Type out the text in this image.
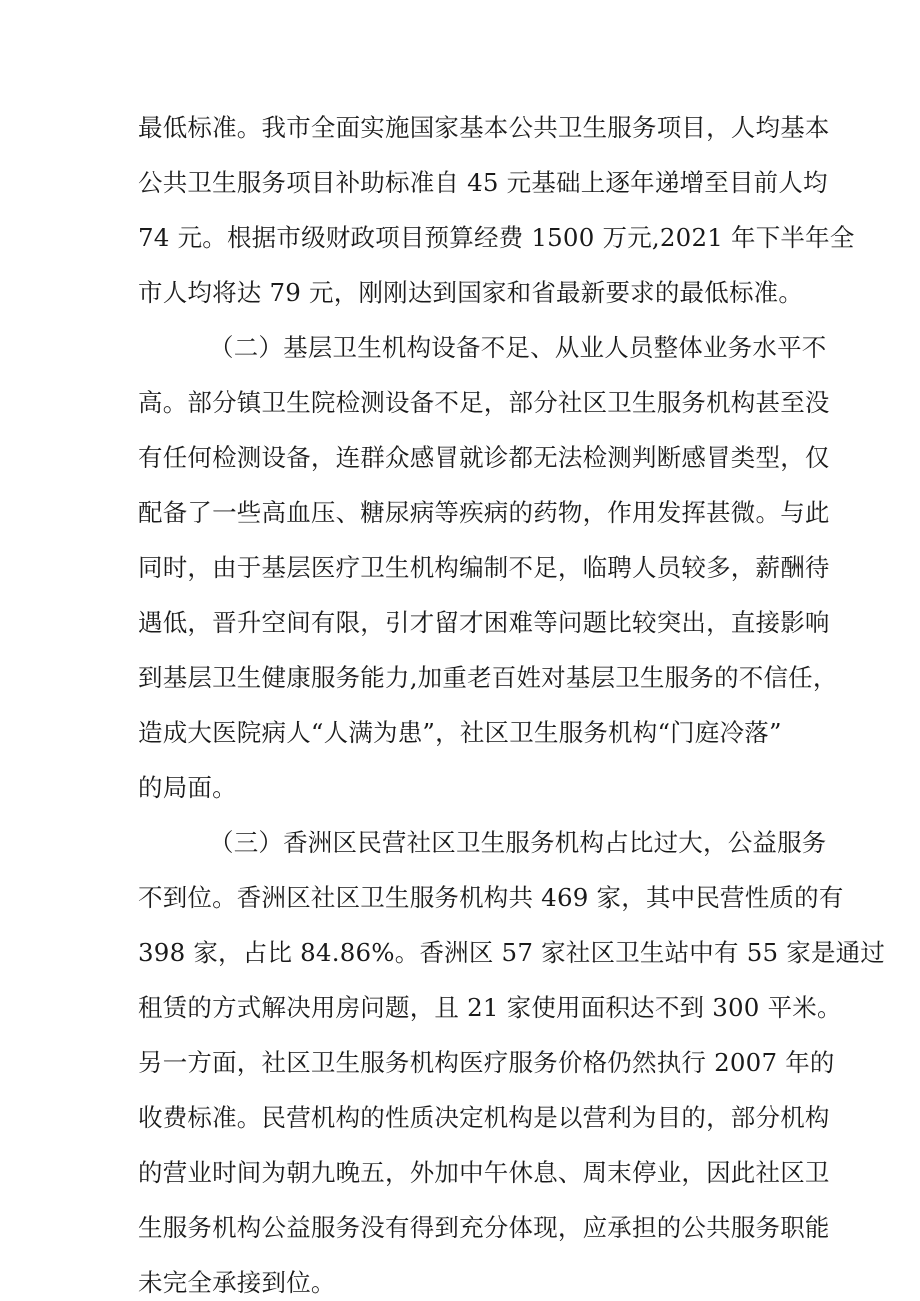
最低标准。我市全面实施国家基本公共卫生服务项目，人均基本
公共卫生服务项目补助标准自 45 元基础上逐年递增至目前人均
74 元。根据市级财政项目预算经费 1500 万元,2021 年下半年全
市人均将达 79 元，刚刚达到国家和省最新要求的最低标准。
（二）基层卫生机构设备不足、从业人员整体业务水平不
高。部分镇卫生院检测设备不足，部分社区卫生服务机构甚至没
有任何检测设备，连群众感冒就诊都无法检测判断感冒类型，仅
配备了一些高血压、糖尿病等疾病的药物，作用发挥甚微。与此
同时，由于基层医疗卫生机构编制不足，临聘人员较多，薪酬待
遇低，晋升空间有限，引才留才困难等问题比较突出，直接影响
到基层卫生健康服务能力,加重老百姓对基层卫生服务的不信任，
造成大医院病人“人满为患”，社区卫生服务机构“门庭冷落”
的局面。
（三）香洲区民营社区卫生服务机构占比过大，公益服务
不到位。香洲区社区卫生服务机构共 469 家，其中民营性质的有
398 家，占比 84.86%。香洲区 57 家社区卫生站中有 55 家是通过
租赁的方式解决用房问题，且 21 家使用面积达不到 300 平米。
另一方面，社区卫生服务机构医疗服务价格仍然执行 2007 年的
收费标准。民营机构的性质决定机构是以营利为目的，部分机构
的营业时间为朝九晚五，外加中午休息、周末停业，因此社区卫
生服务机构公益服务没有得到充分体现，应承担的公共服务职能
未完全承接到位。
